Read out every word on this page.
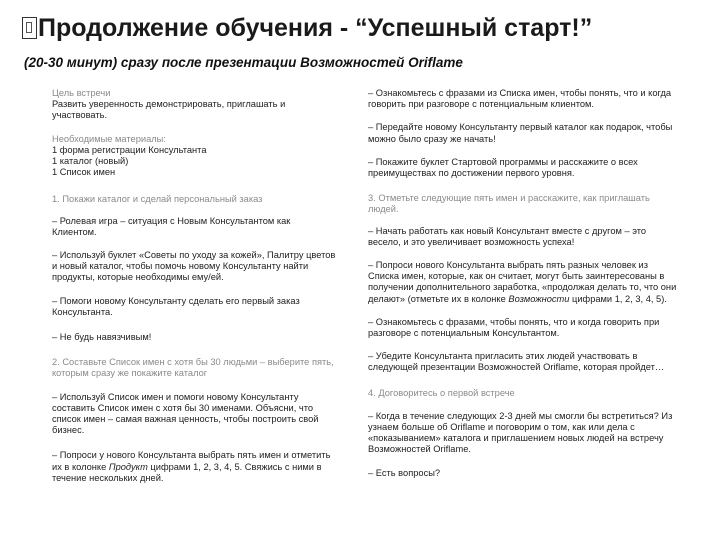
Продолжение обучения - “Успешный старт!”
(20-30 минут) сразу после презентации Возможностей Oriflame

Цель встречи

Развить уверенность демонстрировать, приглашать и участвовать.

Необходимые материалы:

1 форма регистрации Консультанта
1 каталог (новый)
1 Список имен

1. Покажи каталог и сделай персональный заказ

– Ролевая игра – ситуация с Новым Консультантом как Клиентом.

– Используй буклет «Советы по уходу за кожей», Палитру цветов и новый каталог, чтобы помочь новому Консультанту найти продукты, которые необходимы ему/ей.

– Помоги новому Консультанту сделать его первый заказ Консультанта.

– Не будь навязчивым!

2. Составьте Список имен с хотя бы 30 людьми – выберите пять, которым сразу же покажите каталог

– Используй Список имен и помоги новому Консультанту составить Список имен с хотя бы 30 именами. Объясни, что список имен – самая важная ценность, чтобы построить свой бизнес.

– Попроси у нового Консультанта выбрать пять имен и отметить их в колонке Продукт цифрами 1, 2, 3, 4, 5. Свяжись с ними в течение нескольких дней.

– Ознакомьтесь с фразами из Списка имен, чтобы понять, что и когда говорить при разговоре с потенциальным клиентом.

– Передайте новому Консультанту первый каталог как подарок, чтобы можно было сразу же начать!

– Покажите буклет Стартовой программы и расскажите о всех преимуществах по достижении первого уровня.

3. Отметьте следующие пять имен и расскажите, как приглашать людей.

– Начать работать как новый Консультант вместе с другом – это весело, и это увеличивает возможность успеха!

– Попроси нового Консультанта выбрать пять разных человек из Списка имен, которые, как он считает, могут быть заинтересованы в получении дополнительного заработка, «продолжая делать то, что они делают» (отметьте их в колонке Возможности цифрами 1, 2, 3, 4, 5).

– Ознакомьтесь с фразами, чтобы понять, что и когда говорить при разговоре с потенциальным Консультантом.

– Убедите Консультанта пригласить этих людей участвовать в следующей презентации Возможностей Oriflame, которая пройдет…

4. Договоритесь о первой встрече

– Когда в течение следующих 2-3 дней мы смогли бы встретиться? Из узнаем больше об Oriflame и поговорим о том, как или дела с «показыванием» каталога и приглашением новых людей на встречу Возможностей Oriflame.

– Есть вопросы?
